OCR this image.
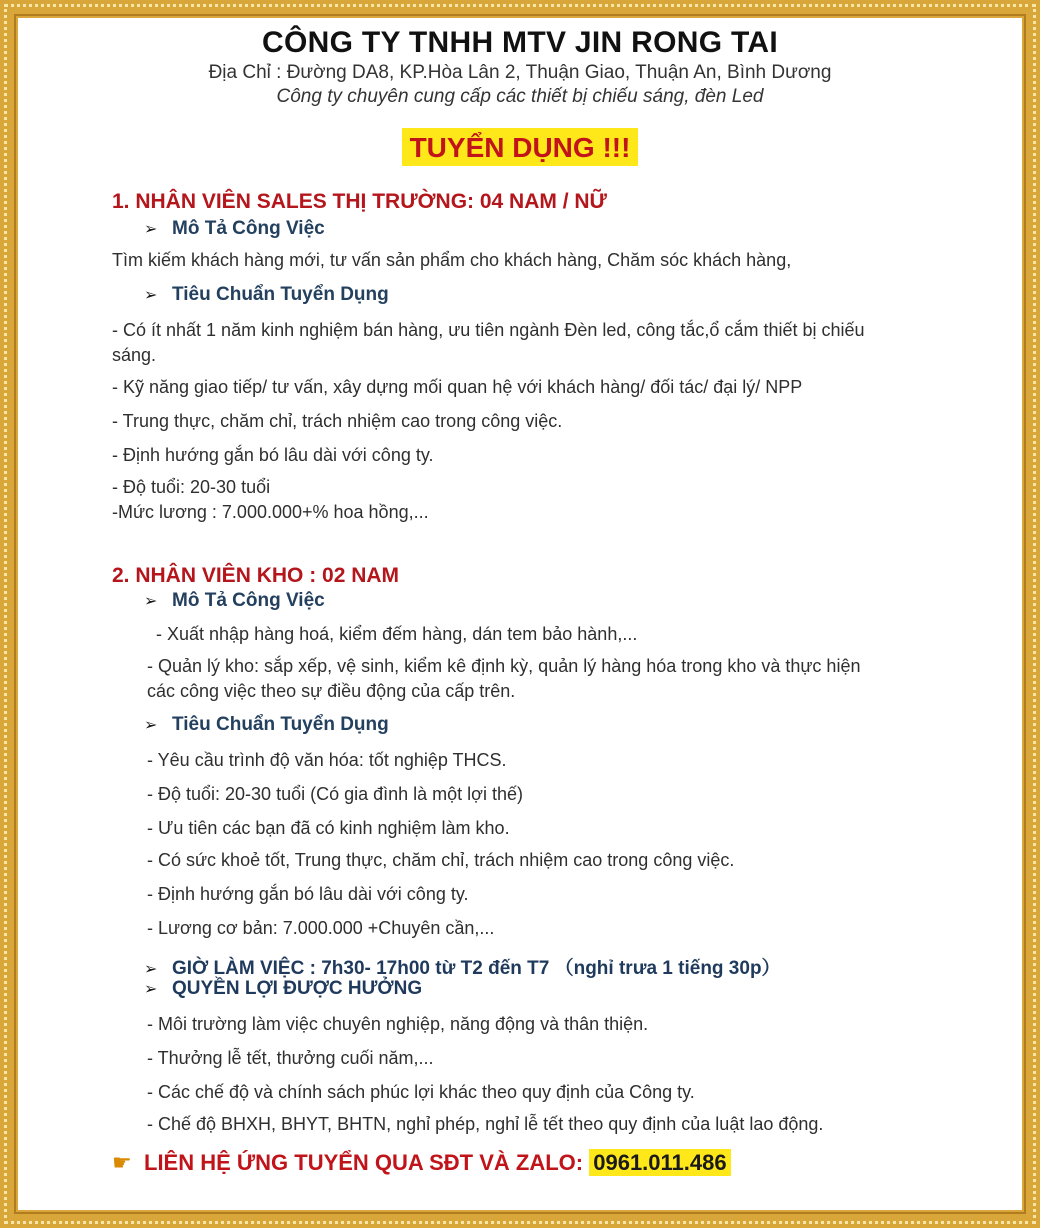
CÔNG TY TNHH MTV JIN RONG TAI
Địa Chỉ : Đường DA8, KP.Hòa Lân 2, Thuận Giao, Thuận An, Bình Dương
Công ty chuyên cung cấp các thiết bị chiếu sáng, đèn Led
TUYỂN DỤNG !!!
1. NHÂN VIÊN SALES THỊ TRƯỜNG: 04 NAM / NỮ
➢ Mô Tả Công Việc
Tìm kiếm khách hàng mới, tư vấn sản phẩm cho khách hàng, Chăm sóc khách hàng,
➢ Tiêu Chuẩn Tuyển Dụng
- Có ít nhất 1 năm kinh nghiệm bán hàng, ưu tiên ngành Đèn led, công tắc,ổ cắm thiết bị chiếu
sáng.
- Kỹ năng giao tiếp/ tư vấn, xây dựng mối quan hệ với khách hàng/ đối tác/ đại lý/ NPP
- Trung thực, chăm chỉ, trách nhiệm cao trong công việc.
- Định hướng gắn bó lâu dài với công ty.
- Độ tuổi: 20-30 tuổi
-Mức lương : 7.000.000+% hoa hồng,...
2. NHÂN VIÊN KHO : 02 NAM
➢ Mô Tả Công Việc
- Xuất nhập hàng hoá, kiểm đếm hàng, dán tem bảo hành,...
- Quản lý kho: sắp xếp, vệ sinh, kiểm kê định kỳ, quản lý hàng hóa trong kho và thực hiện
các công việc theo sự điều động của cấp trên.
➢ Tiêu Chuẩn Tuyển Dụng
- Yêu cầu trình độ văn hóa: tốt nghiệp THCS.
- Độ tuổi: 20-30 tuổi (Có gia đình là một lợi thế)
- Ưu tiên các bạn đã có kinh nghiệm làm kho.
- Có sức khoẻ tốt, Trung thực, chăm chỉ, trách nhiệm cao trong công việc.
- Định hướng gắn bó lâu dài với công ty.
- Lương cơ bản: 7.000.000 +Chuyên cần,...
➢ GIỜ LÀM VIỆC : 7h30- 17h00 từ T2 đến T7 （nghỉ trưa 1 tiếng 30p）
➢ QUYỀN LỢI ĐƯỢC HƯỞNG
- Môi trường làm việc chuyên nghiệp, năng động và thân thiện.
- Thưởng lễ tết, thưởng cuối năm,...
- Các chế độ và chính sách phúc lợi khác theo quy định của Công ty.
- Chế độ BHXH, BHYT, BHTN, nghỉ phép, nghỉ lễ tết theo quy định của luật lao động.
☛ LIÊN HỆ ỨNG TUYỂN QUA SĐT VÀ ZALO: 0961.011.486
